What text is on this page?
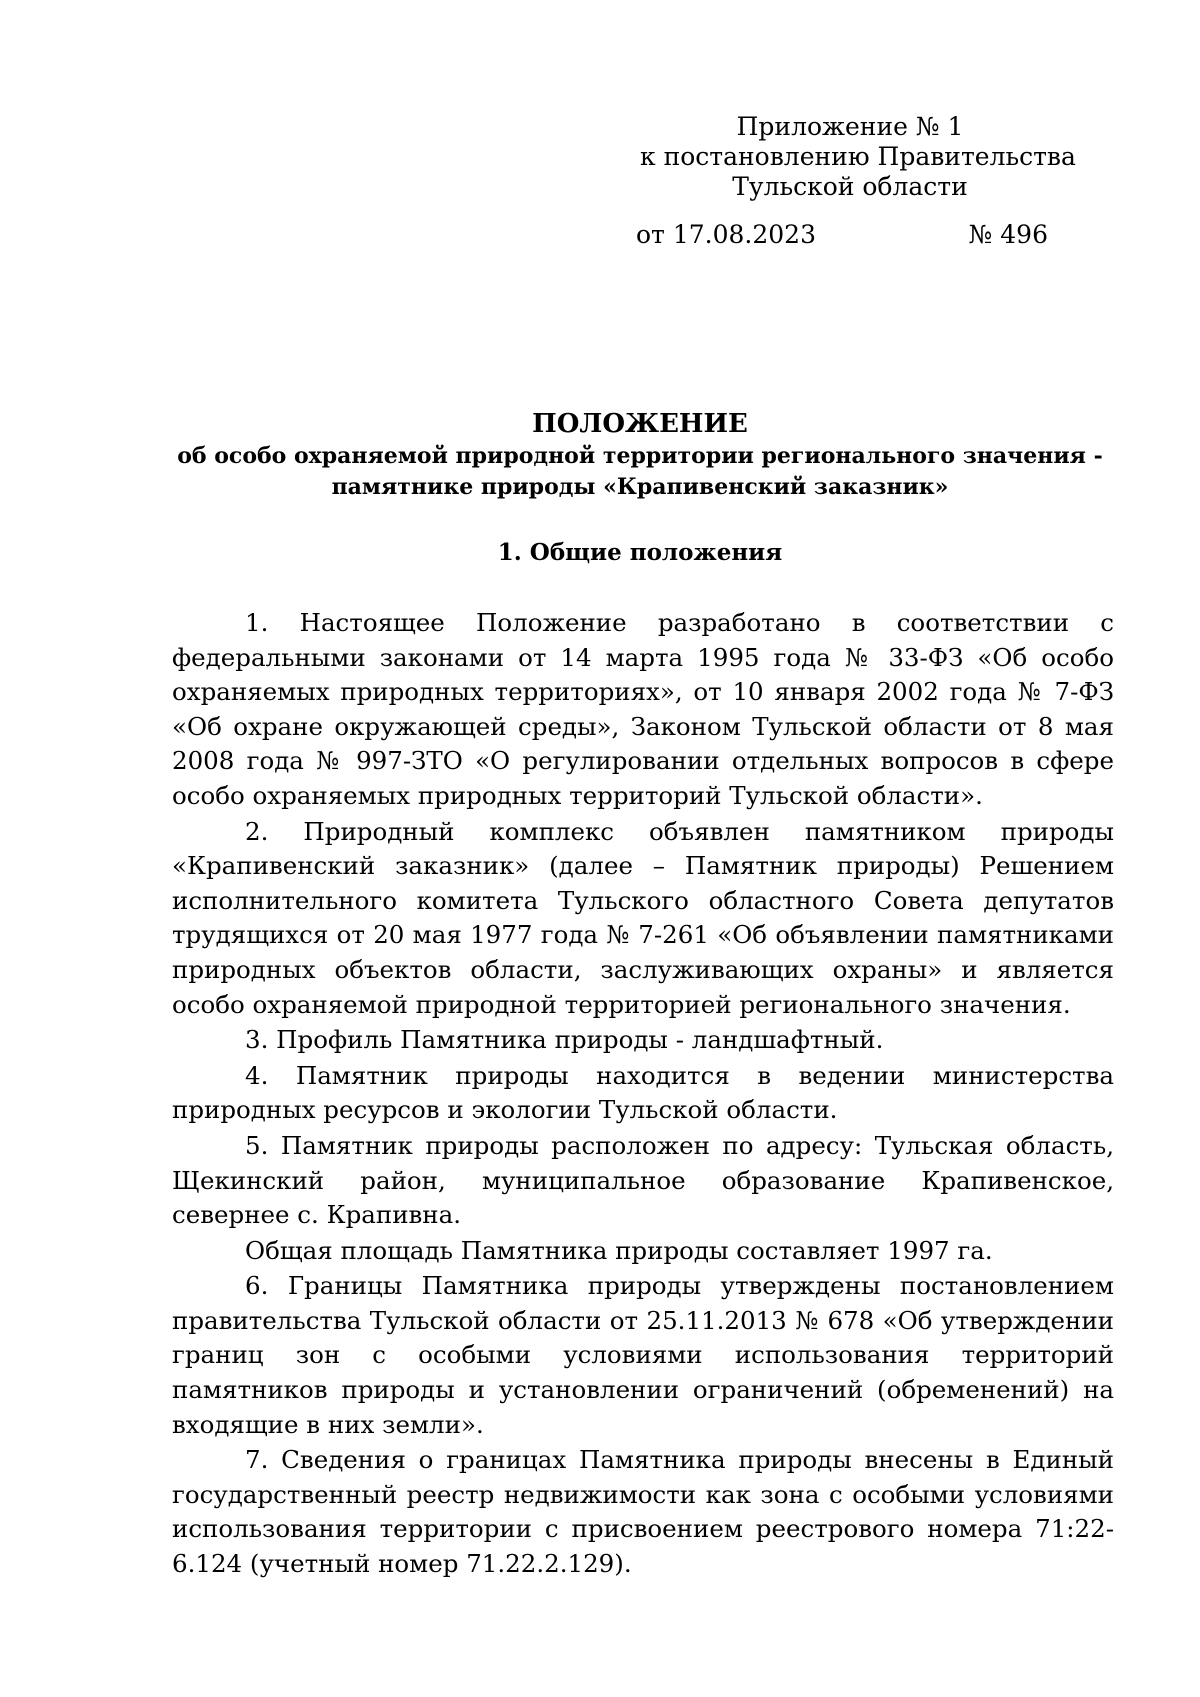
Приложение № 1
к постановлению Правительства
Тульской области
от 17.08.2023	№ 496
ПОЛОЖЕНИЕ
об особо охраняемой природной территории регионального значения -
памятнике природы «Крапивенский заказник»
1. Общие положения

1. Настоящее Положение разработано в соответствии с федеральными законами от 14 марта 1995 года № 33-ФЗ «Об особо охраняемых природных территориях», от 10 января 2002 года № 7-ФЗ «Об охране окружающей среды», Законом Тульской области от 8 мая 2008 года № 997-ЗТО «О регулировании отдельных вопросов в сфере особо охраняемых природных территорий Тульской области».

2. Природный комплекс объявлен памятником природы «Крапивенский заказник» (далее – Памятник природы) Решением исполнительного комитета Тульского областного Совета депутатов трудящихся от 20 мая 1977 года № 7-261 «Об объявлении памятниками природных объектов области, заслуживающих охраны» и является особо охраняемой природной территорией регионального значения.

3. Профиль Памятника природы - ландшафтный.

4. Памятник природы находится в ведении министерства природных ресурсов и экологии Тульской области.

5. Памятник природы расположен по адресу: Тульская область, Щекинский район, муниципальное образование Крапивенское, севернее с. Крапивна.

Общая площадь Памятника природы составляет 1997 га.

6. Границы Памятника природы утверждены постановлением правительства Тульской области от 25.11.2013 № 678 «Об утверждении границ зон с особыми условиями использования территорий памятников природы и установлении ограничений (обременений) на входящие в них земли».

7. Сведения о границах Памятника природы внесены в Единый государственный реестр недвижимости как зона с особыми условиями использования территории с присвоением реестрового номера 71:22-6.124 (учетный номер 71.22.2.129).
